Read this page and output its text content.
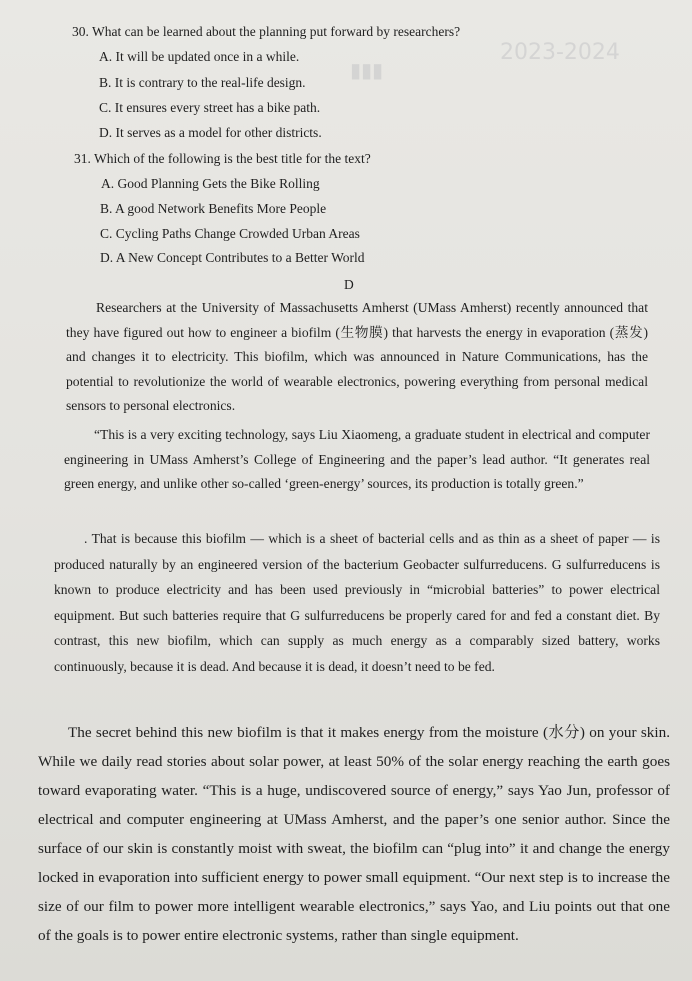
2023-2024
▮▮▮
30. What can be learned about the planning put forward by researchers?
A. It will be updated once in a while.
B. It is contrary to the real-life design.
C. It ensures every street has a bike path.
D. It serves as a model for other districts.
31. Which of the following is the best title for the text?
A. Good Planning Gets the Bike Rolling
B. A good Network Benefits More People
C. Cycling Paths Change Crowded Urban Areas
D. A New Concept Contributes to a Better World
D

Researchers at the University of Massachusetts Amherst (UMass Amherst) recently announced that they have figured out how to engineer a biofilm (生物膜) that harvests the energy in evaporation (蒸发) and changes it to electricity. This biofilm, which was announced in Nature Communications, has the potential to revolutionize the world of wearable electronics, powering everything from personal medical sensors to personal electronics.

“This is a very exciting technology, says Liu Xiaomeng, a graduate student in electrical and computer engineering in UMass Amherst’s College of Engineering and the paper’s lead author. “It generates real green energy, and unlike other so-called ‘green-energy’ sources, its production is totally green.”

. That is because this biofilm — which is a sheet of bacterial cells and as thin as a sheet of paper — is produced naturally by an engineered version of the bacterium Geobacter sulfurreducens. G sulfurreducens is known to produce electricity and has been used previously in “microbial batteries” to power electrical equipment. But such batteries require that G sulfurreducens be properly cared for and fed a constant diet. By contrast, this new biofilm, which can supply as much energy as a comparably sized battery, works continuously, because it is dead. And because it is dead, it doesn’t need to be fed.

The secret behind this new biofilm is that it makes energy from the moisture (水分) on your skin. While we daily read stories about solar power, at least 50% of the solar energy reaching the earth goes toward evaporating water. “This is a huge, undiscovered source of energy,” says Yao Jun, professor of electrical and computer engineering at UMass Amherst, and the paper’s one senior author. Since the surface of our skin is constantly moist with sweat, the biofilm can “plug into” it and change the energy locked in evaporation into sufficient energy to power small equipment. “Our next step is to increase the size of our film to power more intelligent wearable electronics,” says Yao, and Liu points out that one of the goals is to power entire electronic systems, rather than single equipment.
